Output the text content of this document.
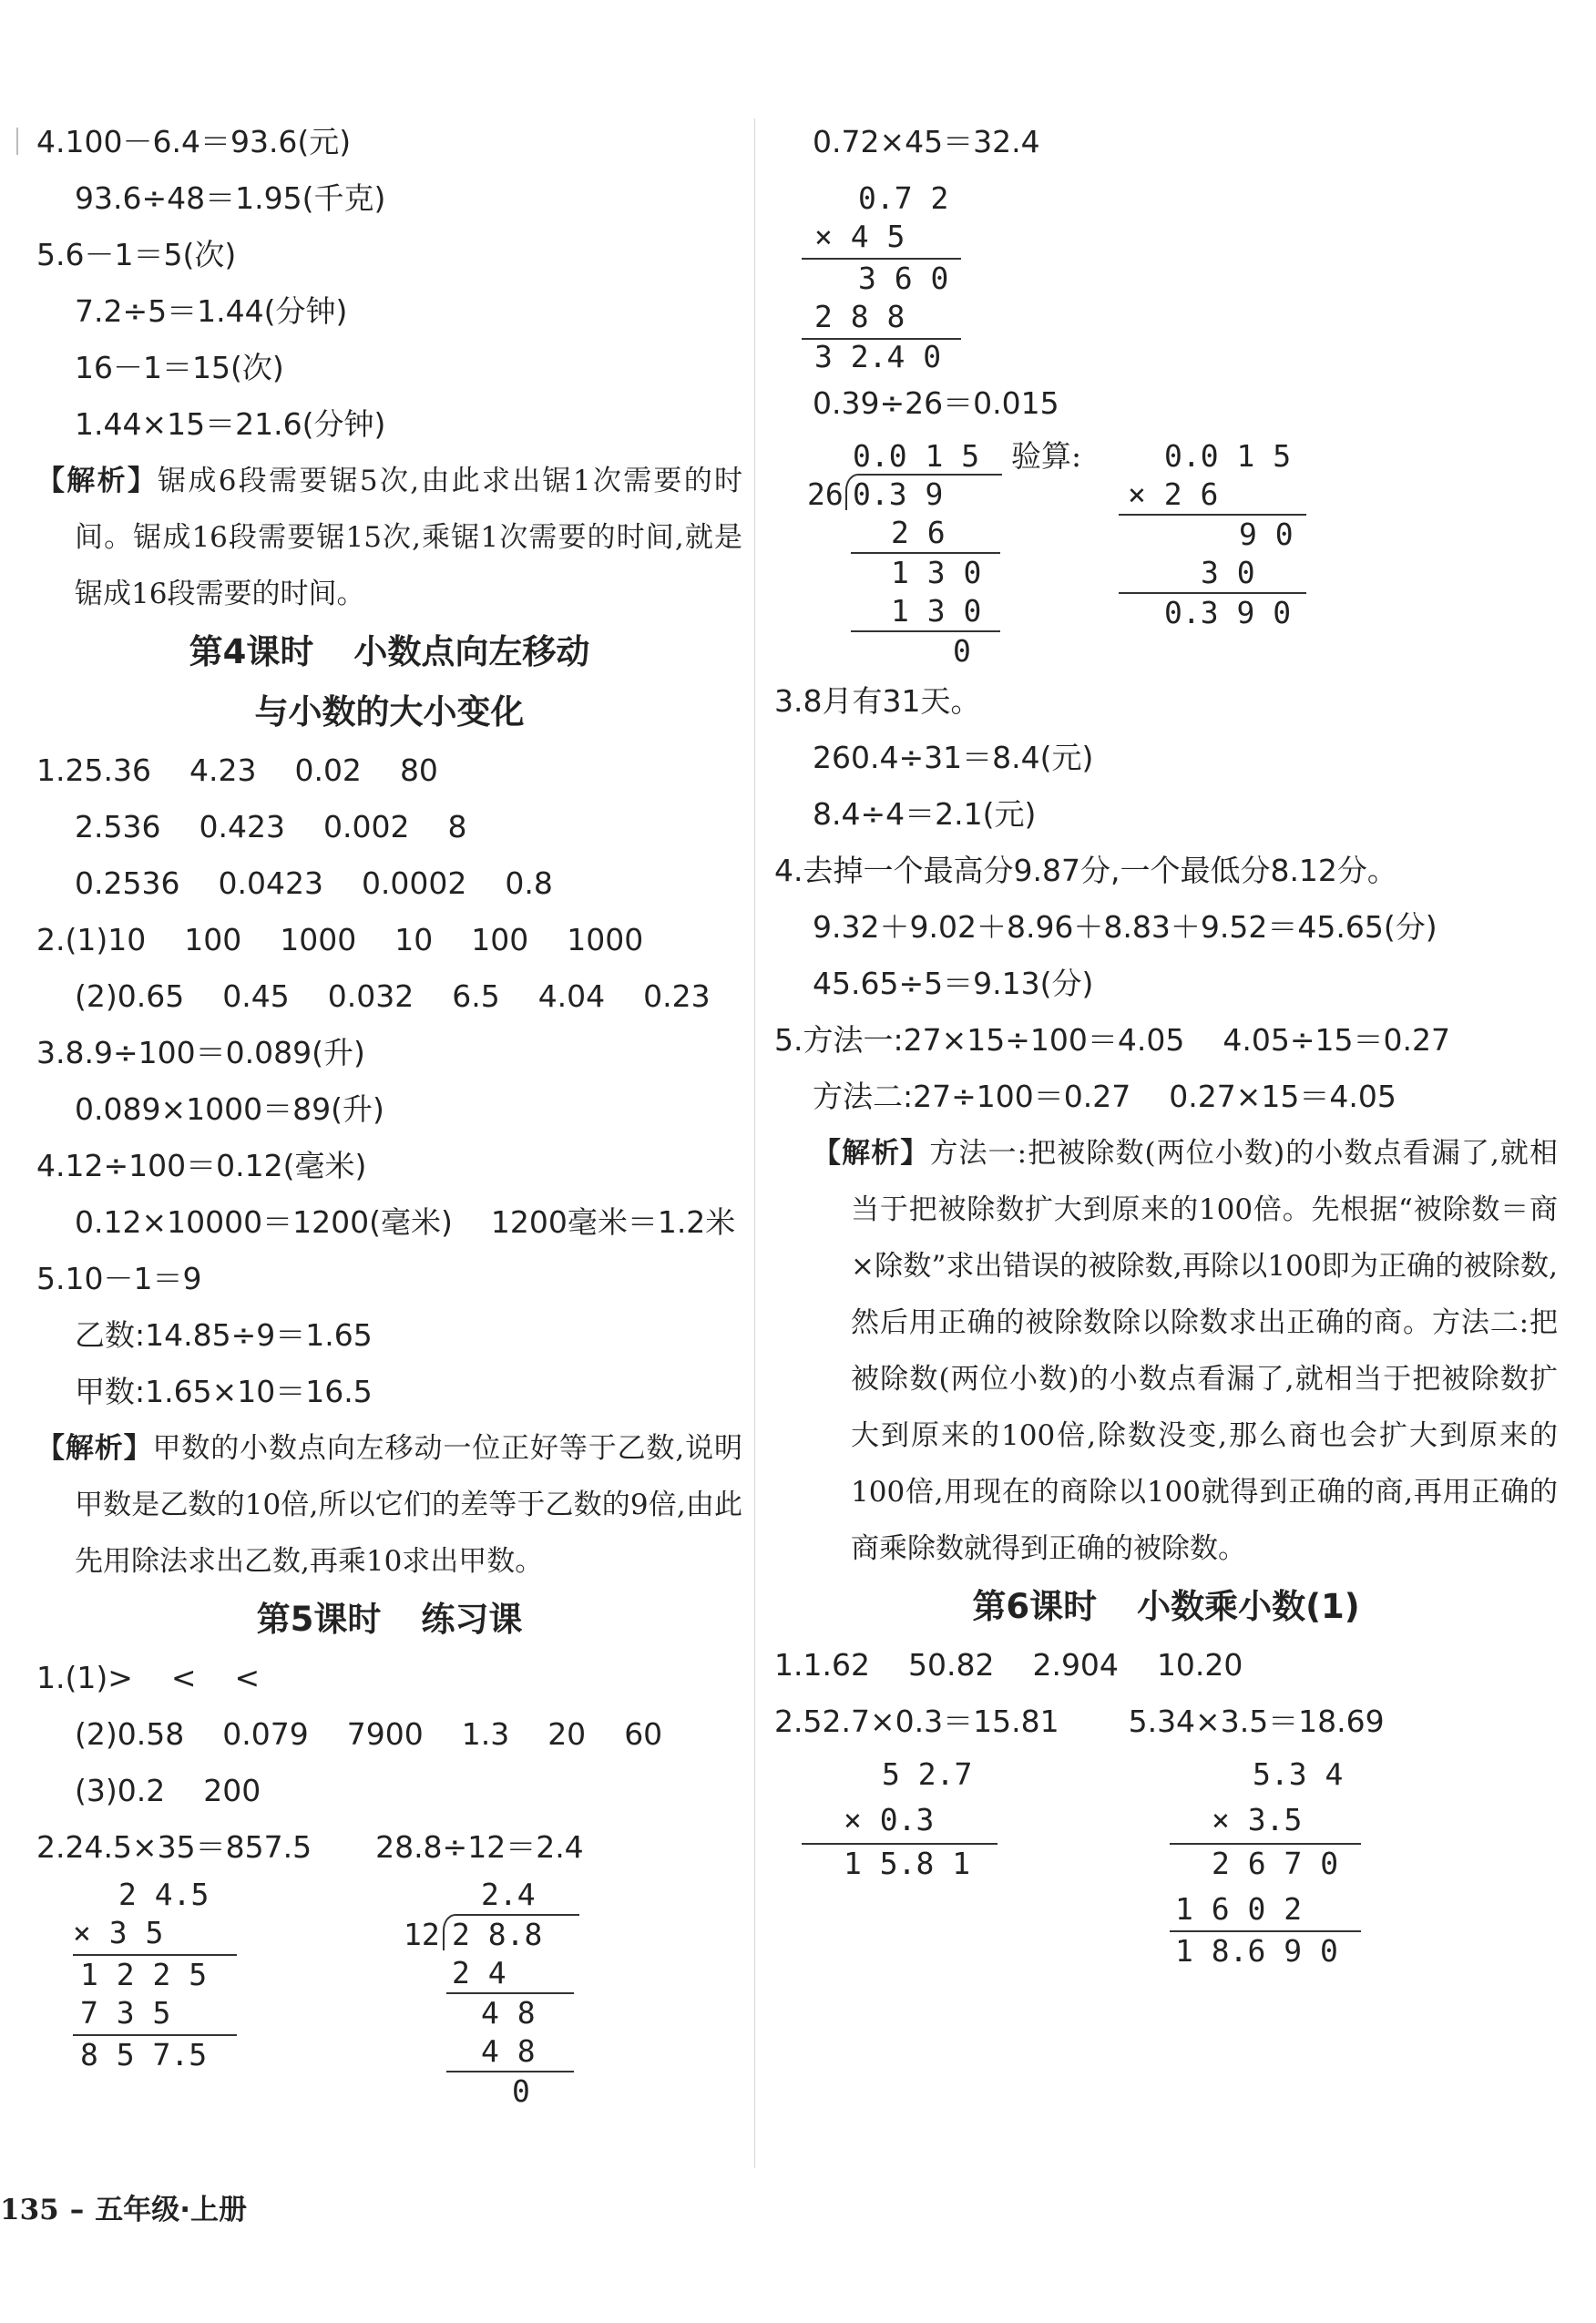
4.100－6.4＝93.6(元)
93.6÷48＝1.95(千克)
5.6－1＝5(次)
7.2÷5＝1.44(分钟)
16－1＝15(次)
1.44×15＝21.6(分钟)
【解析】锯成6段需要锯5次,由此求出锯1次需要的时间。锯成16段需要锯15次,乘锯1次需要的时间,就是锯成16段需要的时间。
第4课时 小数点向左移动
与小数的大小变化
1.25.36 4.23 0.02 80
2.536 0.423 0.002 8
0.2536 0.0423 0.0002 0.8
2.(1)10 100 1000 10 100 1000
(2)0.65 0.45 0.032 6.5 4.04 0.23
3.8.9÷100＝0.089(升)
0.089×1000＝89(升)
4.12÷100＝0.12(毫米)
0.12×10000＝1200(毫米) 1200毫米＝1.2米
5.10－1＝9
乙数:14.85÷9＝1.65
甲数:1.65×10＝16.5
【解析】甲数的小数点向左移动一位正好等于乙数,说明甲数是乙数的10倍,所以它们的差等于乙数的9倍,由此先用除法求出乙数,再乘10求出甲数。
第5课时 练习课
1.(1)> < <
(2)0.58 0.079 7900 1.3 20 60
(3)0.2 200
2.24.5×35＝857.5 28.8÷12＝2.4
2 4.5
× 3 5
1 2 2 5
7 3 5
8 5 7.5
2.4
12 2 8.8
2 4
4 8
4 8
0
0.72×45＝32.4
0.7 2
× 4 5
3 6 0
2 8 8
3 2.4 0
0.39÷26＝0.015
0.0 1 5
26 0.3 9
2 6
1 3 0
1 3 0
0
验算:	0.0 1 5
× 2 6
9 0
3 0
0.3 9 0
3.8月有31天。
260.4÷31＝8.4(元)
8.4÷4＝2.1(元)
4.去掉一个最高分9.87分,一个最低分8.12分。
9.32＋9.02＋8.96＋8.83＋9.52＝45.65(分)
45.65÷5＝9.13(分)
5.方法一:27×15÷100＝4.05 4.05÷15＝0.27
方法二:27÷100＝0.27 0.27×15＝4.05
【解析】方法一:把被除数(两位小数)的小数点看漏了,就相当于把被除数扩大到原来的100倍。先根据“被除数＝商×除数”求出错误的被除数,再除以100即为正确的被除数,然后用正确的被除数除以除数求出正确的商。方法二:把被除数(两位小数)的小数点看漏了,就相当于把被除数扩大到原来的100倍,除数没变,那么商也会扩大到原来的100倍,用现在的商除以100就得到正确的商,再用正确的商乘除数就得到正确的被除数。
第6课时 小数乘小数(1)
1.1.62 50.82 2.904 10.20
2.52.7×0.3＝15.81 5.34×3.5＝18.69
5 2.7
× 0.3
1 5.8 1
5.3 4
× 3.5
2 6 7 0
1 6 0 2
1 8.6 9 0
135 – 五年级·上册
